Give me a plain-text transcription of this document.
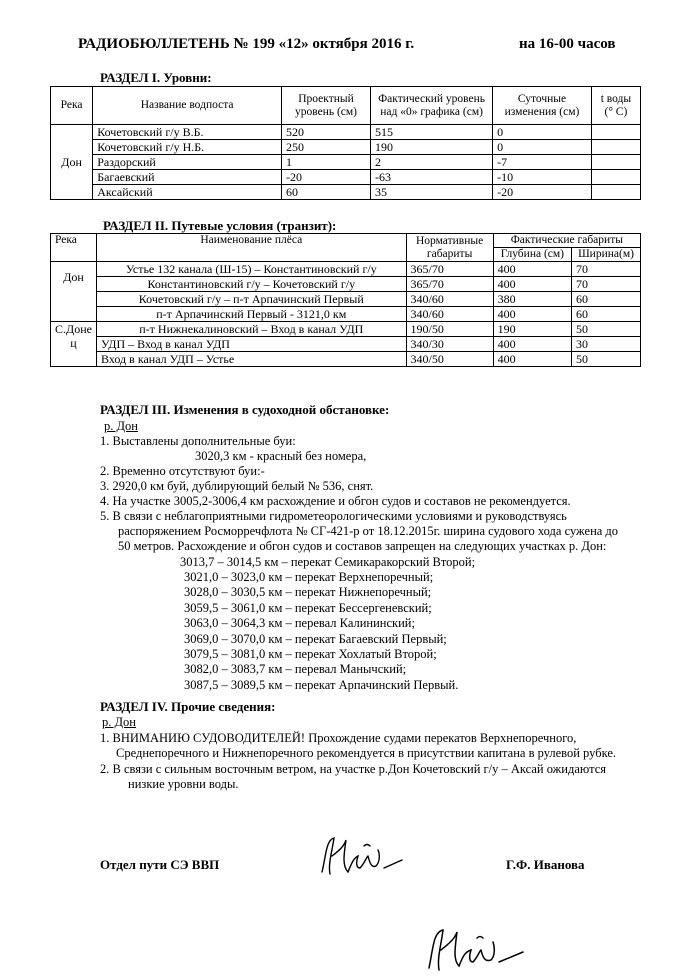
РАДИОБЮЛЛЕТЕНЬ № 199 «12» октября 2016 г.	на 16-00 часов
РАЗДЕЛ I. Уровни:
Река	Название водпоста	Проектный уровень (см)	Фактический уровень над «0» графика (см)	Суточные изменения (см)	t воды (° C)
Дон	Кочетовский г/у В.Б.	520	515	0	
	Кочетовский г/у Н.Б.	250	190	0	
	Раздорский	1	2	-7	
	Багаевский	-20	-63	-10	
	Аксайский	60	35	-20	
РАЗДЕЛ II. Путевые условия (транзит):
Река	Наименование плёса	Нормативные габариты	Фактические габариты	
			Глубина (см)	Ширина(м)
Дон	Устье 132 канала (Ш-15) – Константиновский г/у	365/70	400	70
	Константиновский г/у – Кочетовский г/у	365/70	400	70
	Кочетовский г/у – п-т Арпачинский Первый	340/60	380	60
	п-т Арпачинский Первый - 3121,0 км	340/60	400	60
С.Донец	п-т Нижнекалиновский – Вход в канал УДП	190/50	190	50
	УДП – Вход в канал УДП	340/30	400	30
	Вход в канал УДП – Устье	340/50	400	50
РАЗДЕЛ III. Изменения в судоходной обстановке:
р. Дон
1. Выставлены дополнительные буи:
3020,3 км - красный без номера,
2. Временно отсутствуют буи:-
3. 2920,0 км буй, дублирующий белый № 536, снят.
4. На участке 3005,2-3006,4 км расхождение и обгон судов и составов не рекомендуется.
5. В связи с неблагоприятными гидрометеорологическими условиями и руководствуясь
распоряжением Росморречфлота № СГ-421-р от 18.12.2015г. ширина судового хода сужена до
50 метров. Расхождение и обгон судов и составов запрещен на следующих участках р. Дон:
3013,7 – 3014,5 км – перекат Семикаракорский Второй;
3021,0 – 3023,0 км – перекат Верхнепоречный;
3028,0 – 3030,5 км – перекат Нижнепоречный;
3059,5 – 3061,0 км – перекат Бессергеневский;
3063,0 – 3064,3 км – перевал Калининский;
3069,0 – 3070,0 км – перекат Багаевский Первый;
3079,5 – 3081,0 км – перекат Хохлатый Второй;
3082,0 – 3083,7 км – перевал Манычский;
3087,5 – 3089,5 км – перекат Арпачинский Первый.
РАЗДЕЛ IV. Прочие сведения:
р. Дон
1. ВНИМАНИЮ СУДОВОДИТЕЛЕЙ! Прохождение судами перекатов Верхнепоречного,
Среднепоречного и Нижнепоречного рекомендуется в присутствии капитана в рулевой рубке.
2. В связи с сильным восточным ветром, на участке р.Дон Кочетовский г/у – Аксай ожидаются
низкие уровни воды.
Отдел пути СЭ ВВП	Г.Ф. Иванова
